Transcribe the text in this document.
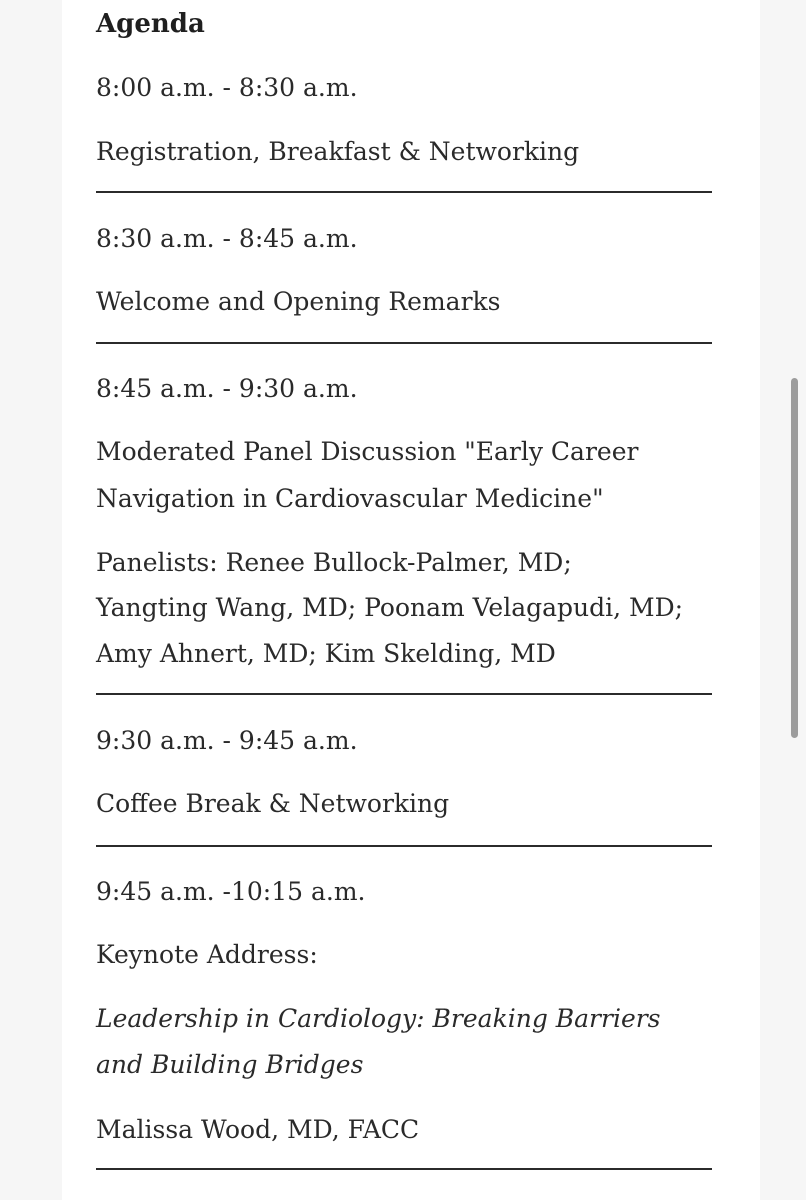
Agenda

8:00 a.m. - 8:30 a.m.

Registration, Breakfast & Networking

8:30 a.m. - 8:45 a.m.

Welcome and Opening Remarks

8:45 a.m. - 9:30 a.m.

Moderated Panel Discussion "Early Career

Navigation in Cardiovascular Medicine"

Panelists: Renee Bullock-Palmer, MD;

Yangting Wang, MD; Poonam Velagapudi, MD;

Amy Ahnert, MD; Kim Skelding, MD

9:30 a.m. - 9:45 a.m.

Coffee Break & Networking

9:45 a.m. -10:15 a.m.

Keynote Address:

Leadership in Cardiology: Breaking Barriers

and Building Bridges

Malissa Wood, MD, FACC
